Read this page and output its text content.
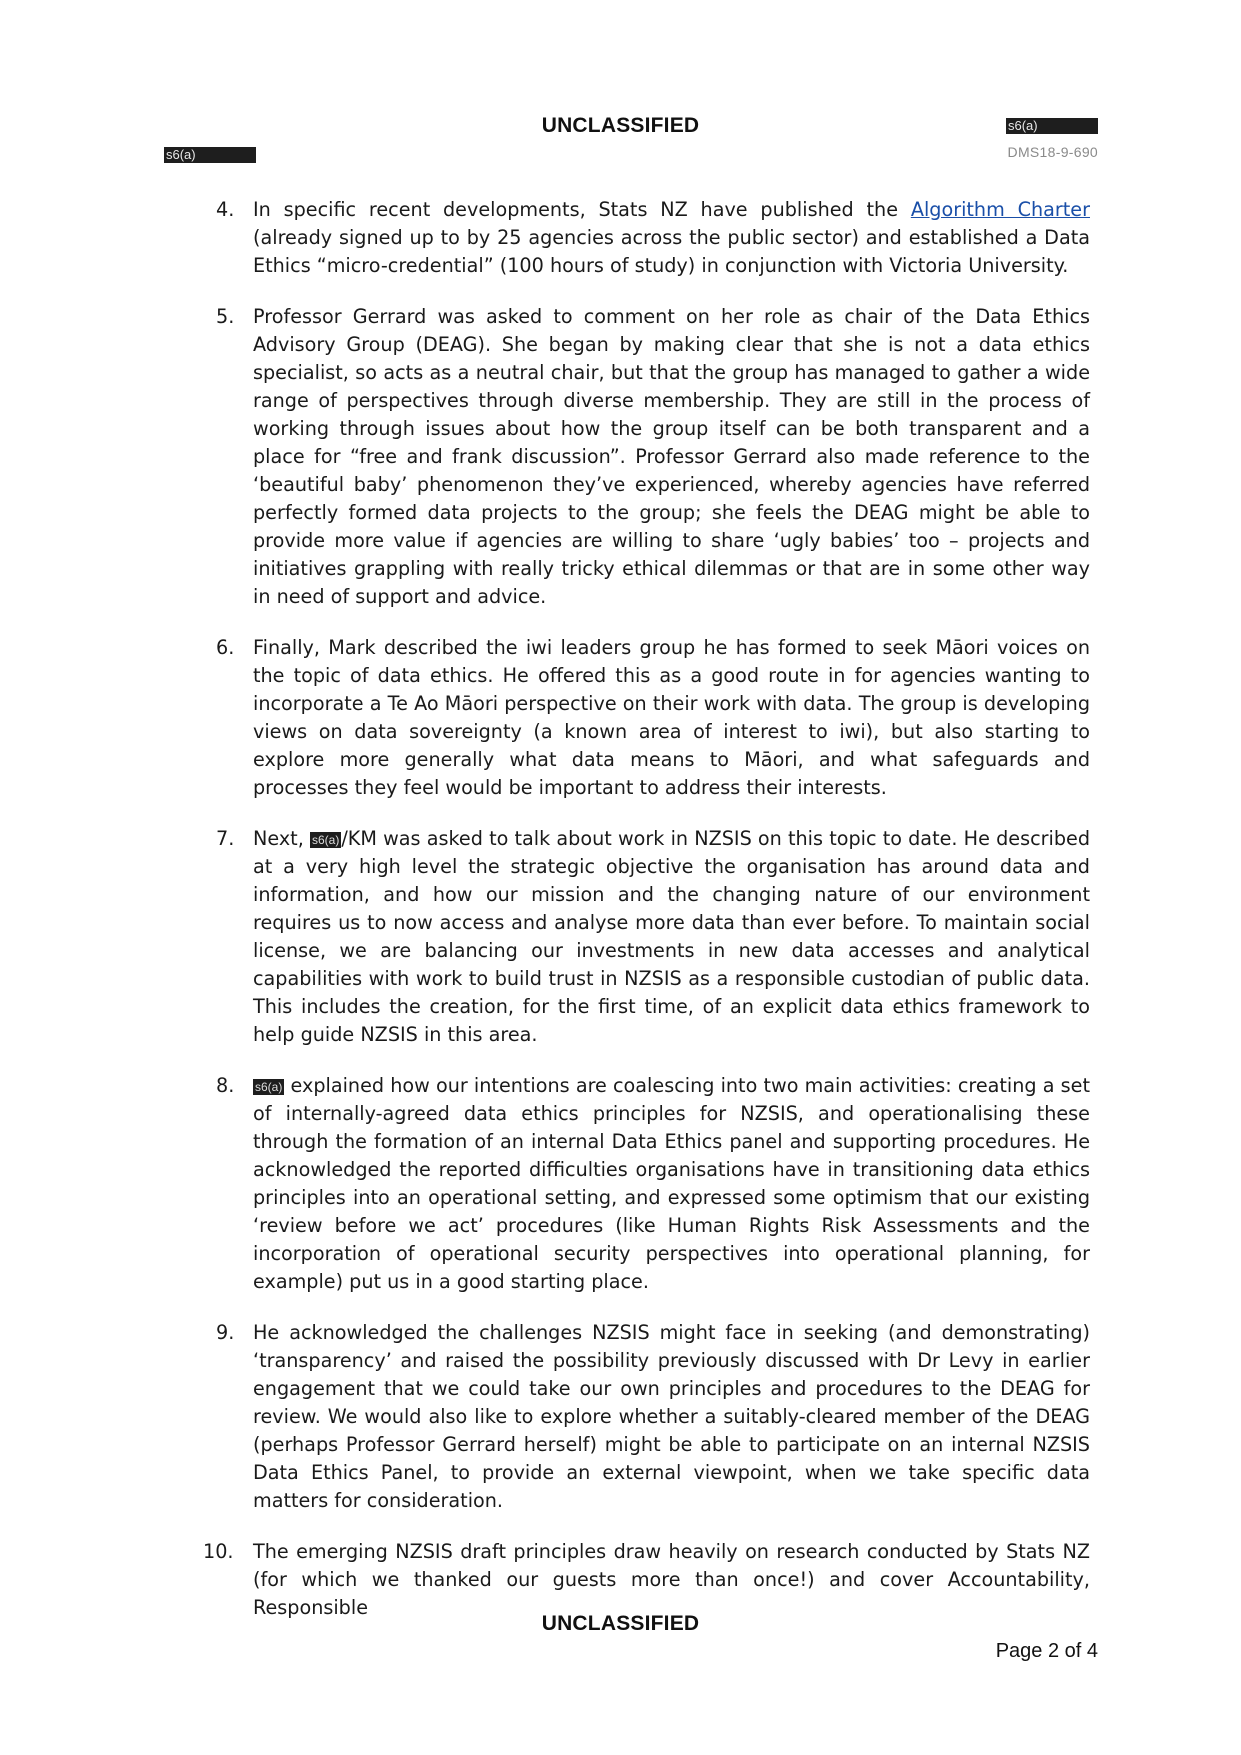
UNCLASSIFIED	s6(a)
s6(a)	DMS18-9-690
4. In specific recent developments, Stats NZ have published the Algorithm Charter (already signed up to by 25 agencies across the public sector) and established a Data Ethics “micro-credential” (100 hours of study) in conjunction with Victoria University.

5. Professor Gerrard was asked to comment on her role as chair of the Data Ethics Advisory Group (DEAG). She began by making clear that she is not a data ethics specialist, so acts as a neutral chair, but that the group has managed to gather a wide range of perspectives through diverse membership. They are still in the process of working through issues about how the group itself can be both transparent and a place for “free and frank discussion”. Professor Gerrard also made reference to the ‘beautiful baby’ phenomenon they’ve experienced, whereby agencies have referred perfectly formed data projects to the group; she feels the DEAG might be able to provide more value if agencies are willing to share ‘ugly babies’ too – projects and initiatives grappling with really tricky ethical dilemmas or that are in some other way in need of support and advice.

6. Finally, Mark described the iwi leaders group he has formed to seek Māori voices on the topic of data ethics. He offered this as a good route in for agencies wanting to incorporate a Te Ao Māori perspective on their work with data. The group is developing views on data sovereignty (a known area of interest to iwi), but also starting to explore more generally what data means to Māori, and what safeguards and processes they feel would be important to address their interests.

7. Next, s6(a) /KM was asked to talk about work in NZSIS on this topic to date. He described at a very high level the strategic objective the organisation has around data and information, and how our mission and the changing nature of our environment requires us to now access and analyse more data than ever before. To maintain social license, we are balancing our investments in new data accesses and analytical capabilities with work to build trust in NZSIS as a responsible custodian of public data. This includes the creation, for the first time, of an explicit data ethics framework to help guide NZSIS in this area.

8. s6(a) explained how our intentions are coalescing into two main activities: creating a set of internally-agreed data ethics principles for NZSIS, and operationalising these through the formation of an internal Data Ethics panel and supporting procedures. He acknowledged the reported difficulties organisations have in transitioning data ethics principles into an operational setting, and expressed some optimism that our existing ‘review before we act’ procedures (like Human Rights Risk Assessments and the incorporation of operational security perspectives into operational planning, for example) put us in a good starting place.

9. He acknowledged the challenges NZSIS might face in seeking (and demonstrating) ‘transparency’ and raised the possibility previously discussed with Dr Levy in earlier engagement that we could take our own principles and procedures to the DEAG for review. We would also like to explore whether a suitably-cleared member of the DEAG (perhaps Professor Gerrard herself) might be able to participate on an internal NZSIS Data Ethics Panel, to provide an external viewpoint, when we take specific data matters for consideration.

10. The emerging NZSIS draft principles draw heavily on research conducted by Stats NZ (for which we thanked our guests more than once!) and cover Accountability, Responsible

UNCLASSIFIED
Page 2 of 4
